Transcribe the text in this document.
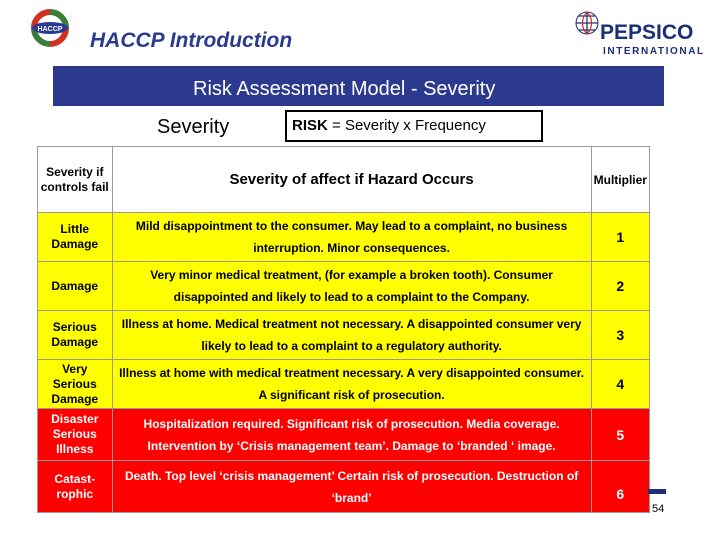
HACCP HACCP Introduction	PEPSICO
INTERNATIONAL
Risk Assessment Model - Severity
Severity	RISK = Severity x Frequency
Severity if controls fail	Severity of affect if Hazard Occurs	Multiplier
Little Damage	Mild disappointment to the consumer. May lead to a complaint, no business interruption. Minor consequences.	1
Damage	Very minor medical treatment, (for example a broken tooth). Consumer disappointed and likely to lead to a complaint to the Company.	2
Serious Damage	Illness at home. Medical treatment not necessary. A disappointed consumer very likely to lead to a complaint to a regulatory authority.	3
Very Serious Damage	Illness at home with medical treatment necessary. A very disappointed consumer. A significant risk of prosecution.	4
Disaster Serious Illness	Hospitalization required. Significant risk of prosecution. Media coverage. Intervention by ‘Crisis management team’. Damage to ‘branded ‘ image.	5
Catast-rophic	Death. Top level ‘crisis management’ Certain risk of prosecution. Destruction of ‘brand’	6
54
